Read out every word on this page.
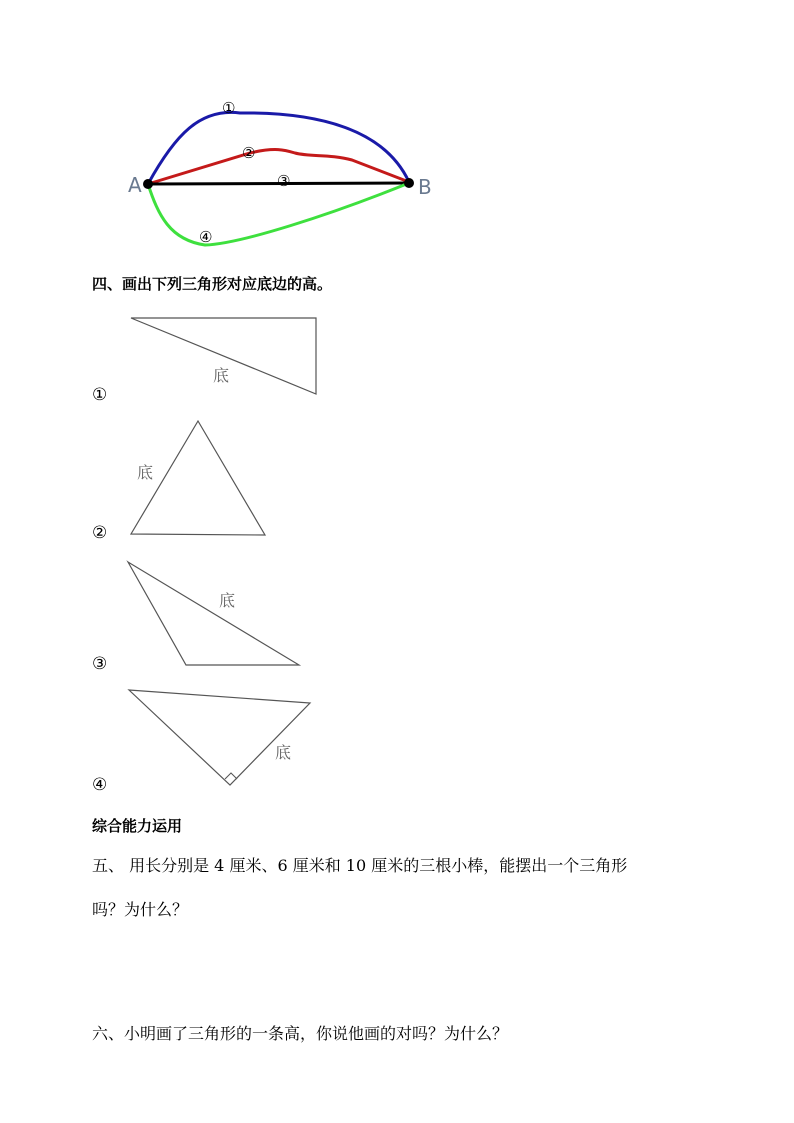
A	B
①
②
③
④
四、画出下列三角形对应底边的高。
底
①
底
②
底
③
底
④
综合能力运用
五、 用长分别是 4 厘米、6 厘米和 10 厘米的三根小棒，能摆出一个三角形
吗？为什么？
六、小明画了三角形的一条高，你说他画的对吗？为什么？
